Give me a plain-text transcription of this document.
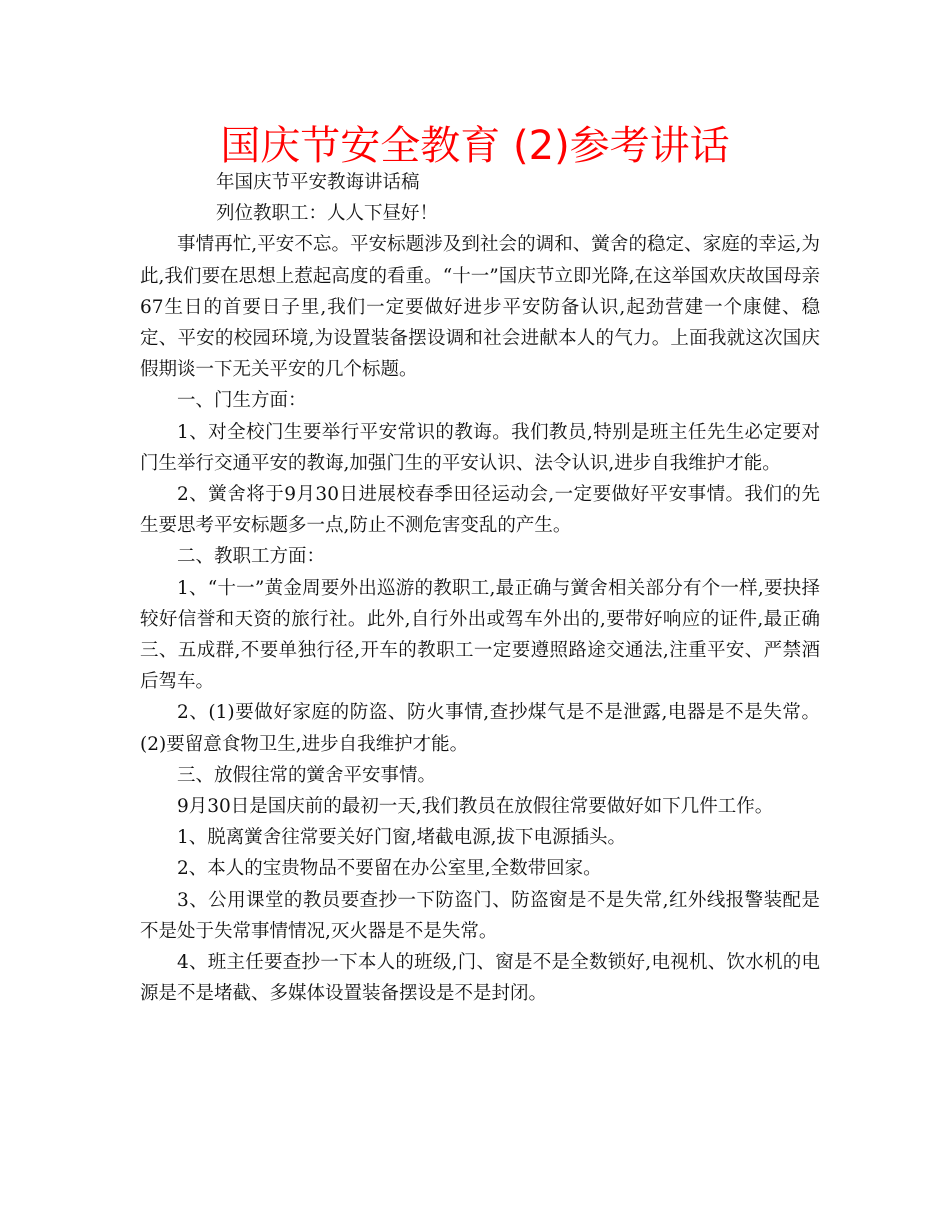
国庆节安全教育 (2)参考讲话

年国庆节平安教诲讲话稿

列位教职工：人人下昼好！

事情再忙,平安不忘。平安标题涉及到社会的调和、黉舍的稳定、家庭的幸运,为此,我们要在思想上惹起高度的看重。“十一”国庆节立即光降,在这举国欢庆故国母亲67生日的首要日子里,我们一定要做好进步平安防备认识,起劲营建一个康健、稳定、平安的校园环境,为设置装备摆设调和社会进献本人的气力。上面我就这次国庆假期谈一下无关平安的几个标题。

一、门生方面：

1、对全校门生要举行平安常识的教诲。我们教员,特别是班主任先生必定要对门生举行交通平安的教诲,加强门生的平安认识、法令认识,进步自我维护才能。

2、黉舍将于9月30日进展校春季田径运动会,一定要做好平安事情。我们的先生要思考平安标题多一点,防止不测危害变乱的产生。

二、教职工方面：

1、“十一”黄金周要外出巡游的教职工,最正确与黉舍相关部分有个一样,要抉择较好信誉和天资的旅行社。此外,自行外出或驾车外出的,要带好响应的证件,最正确三、五成群,不要单独行径,开车的教职工一定要遵照路途交通法,注重平安、严禁酒后驾车。

2、(1)要做好家庭的防盗、防火事情,查抄煤气是不是泄露,电器是不是失常。(2)要留意食物卫生,进步自我维护才能。

三、放假往常的黉舍平安事情。

9月30日是国庆前的最初一天,我们教员在放假往常要做好如下几件工作。

1、脱离黉舍往常要关好门窗,堵截电源,拔下电源插头。

2、本人的宝贵物品不要留在办公室里,全数带回家。

3、公用课堂的教员要查抄一下防盗门、防盗窗是不是失常,红外线报警装配是不是处于失常事情情况,灭火器是不是失常。

4、班主任要查抄一下本人的班级,门、窗是不是全数锁好,电视机、饮水机的电源是不是堵截、多媒体设置装备摆设是不是封闭。
